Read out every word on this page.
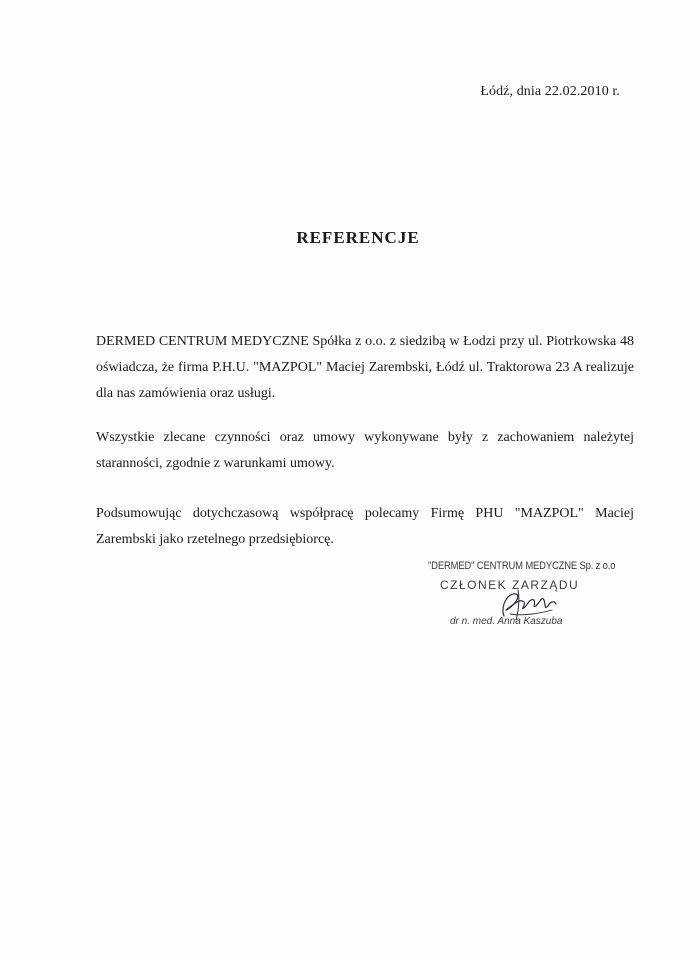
Łódź, dnia 22.02.2010 r.
REFERENCJE
DERMED CENTRUM MEDYCZNE Spółka z o.o. z siedzibą w Łodzi przy ul. Piotrkowska 48 oświadcza, że firma P.H.U. "MAZPOL" Maciej Zarembski, Łódź ul. Traktorowa 23 A realizuje dla nas zamówienia oraz usługi.
Wszystkie zlecane czynności oraz umowy wykonywane były z zachowaniem należytej staranności, zgodnie z warunkami umowy.
Podsumowując dotychczasową współpracę polecamy Firmę PHU "MAZPOL" Maciej Zarembski jako rzetelnego przedsiębiorcę.
"DERMED" CENTRUM MEDYCZNE Sp. z o.o
CZŁONEK ZARZĄDU
dr n. med. Anna Kaszuba
